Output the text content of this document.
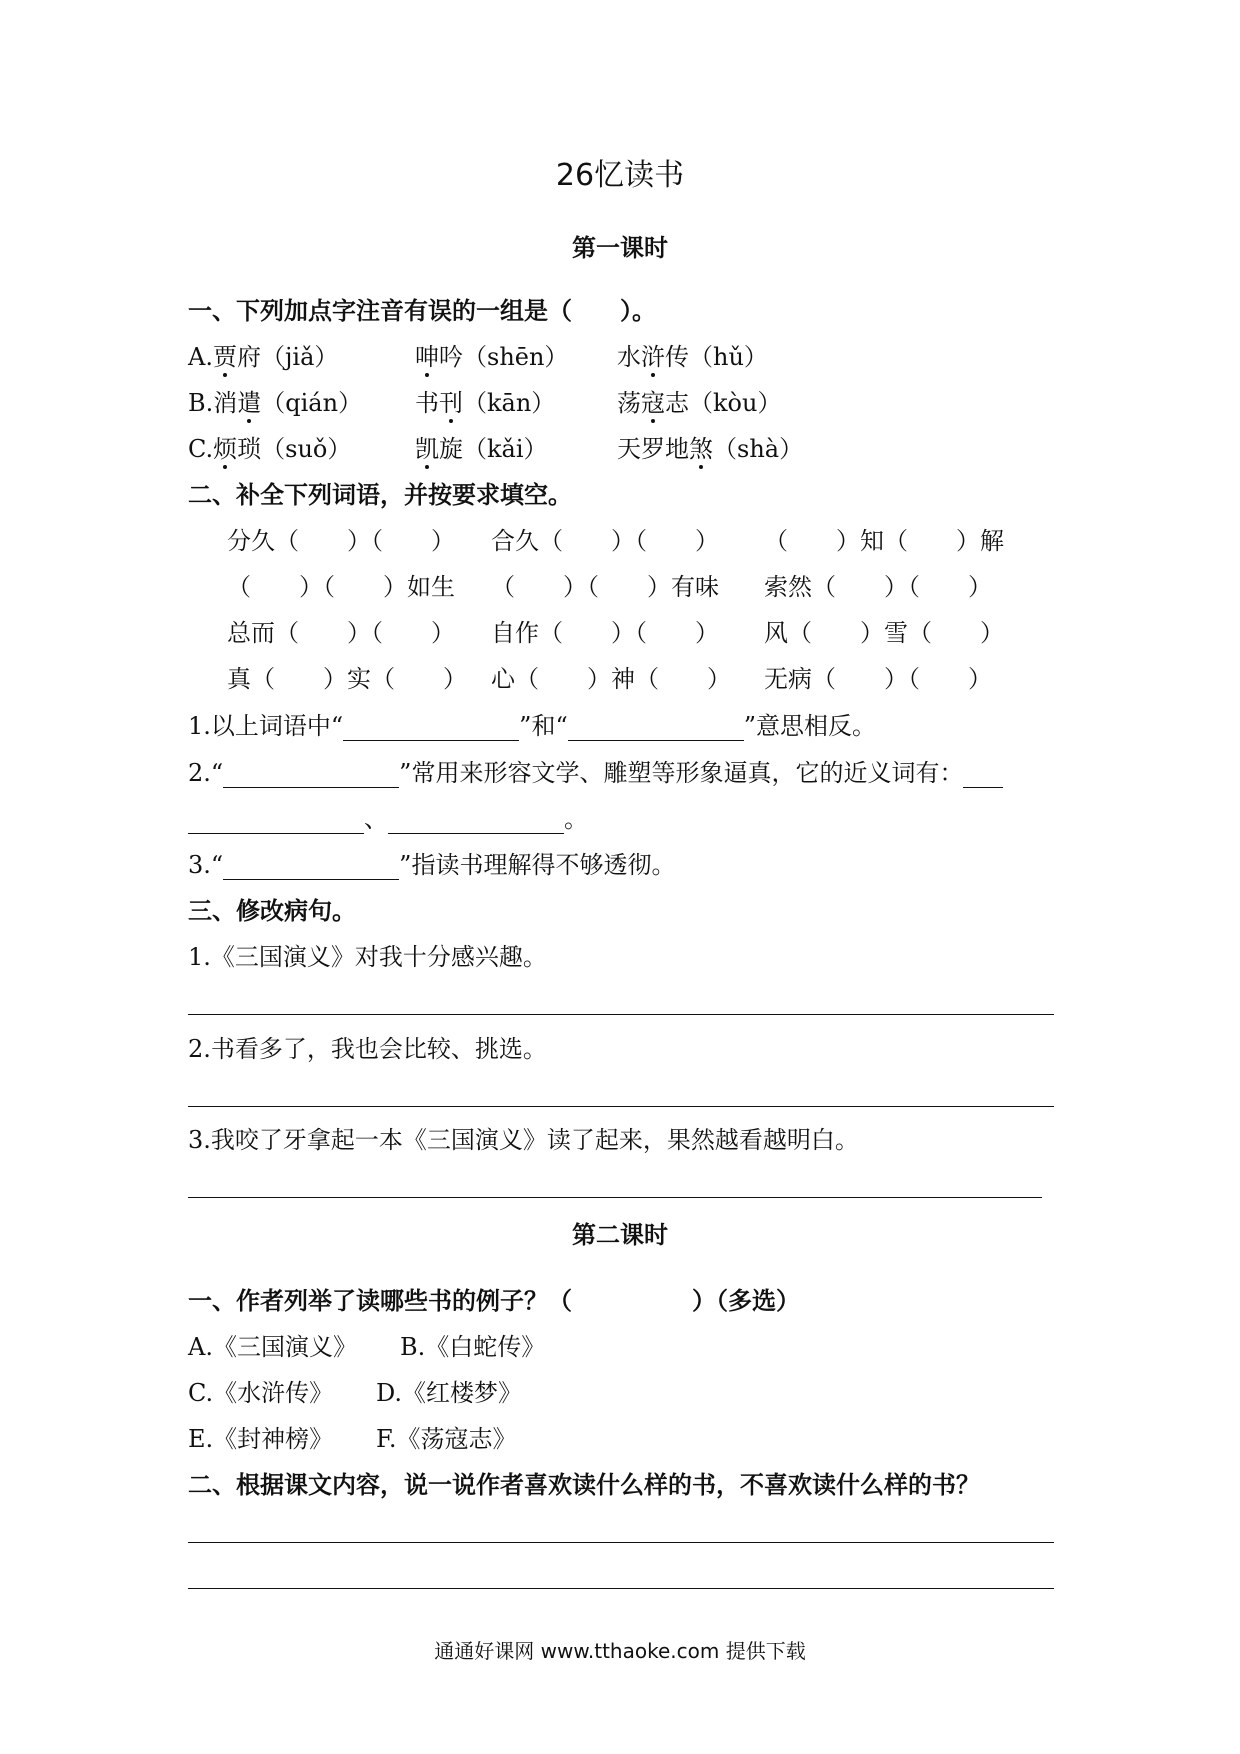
26忆读书
第一课时
一、下列加点字注音有误的一组是（　　）。
A.贾府（jiǎ）	呻吟（shēn） 水浒传（hǔ）
B.消遣（qián） 书刊（kān）	荡寇志（kòu）
C.烦琐（suǒ）	凯旋（kǎi）	天罗地煞（shà）
二、补全下列词语，并按要求填空。
分久（　　）（　　） 合久（　　）（　　） （　　）知（　　）解
（　　）（　　）如生 （　　）（　　）有味 索然（　　）（　　）
总而（　　）（　　） 自作（　　）（　　） 风（　　）雪（　　）
真（　　）实（　　） 心（　　）神（　　） 无病（　　）（　　）
1.以上词语中“	”和“	”意思相反。
2.“	”常用来形容文学、雕塑等形象逼真，它的近义词有：
、	。
3.“	”指读书理解得不够透彻。
三、修改病句。
1.《三国演义》对我十分感兴趣。
2.书看多了，我也会比较、挑选。
3.我咬了牙拿起一本《三国演义》读了起来，果然越看越明白。
第二课时
一、作者列举了读哪些书的例子？（　　　　　）（多选）
A.《三国演义》 B.《白蛇传》
C.《水浒传》 D.《红楼梦》
E.《封神榜》 F.《荡寇志》
二、根据课文内容，说一说作者喜欢读什么样的书，不喜欢读什么样的书？
通通好课网 www.tthaoke.com 提供下载
